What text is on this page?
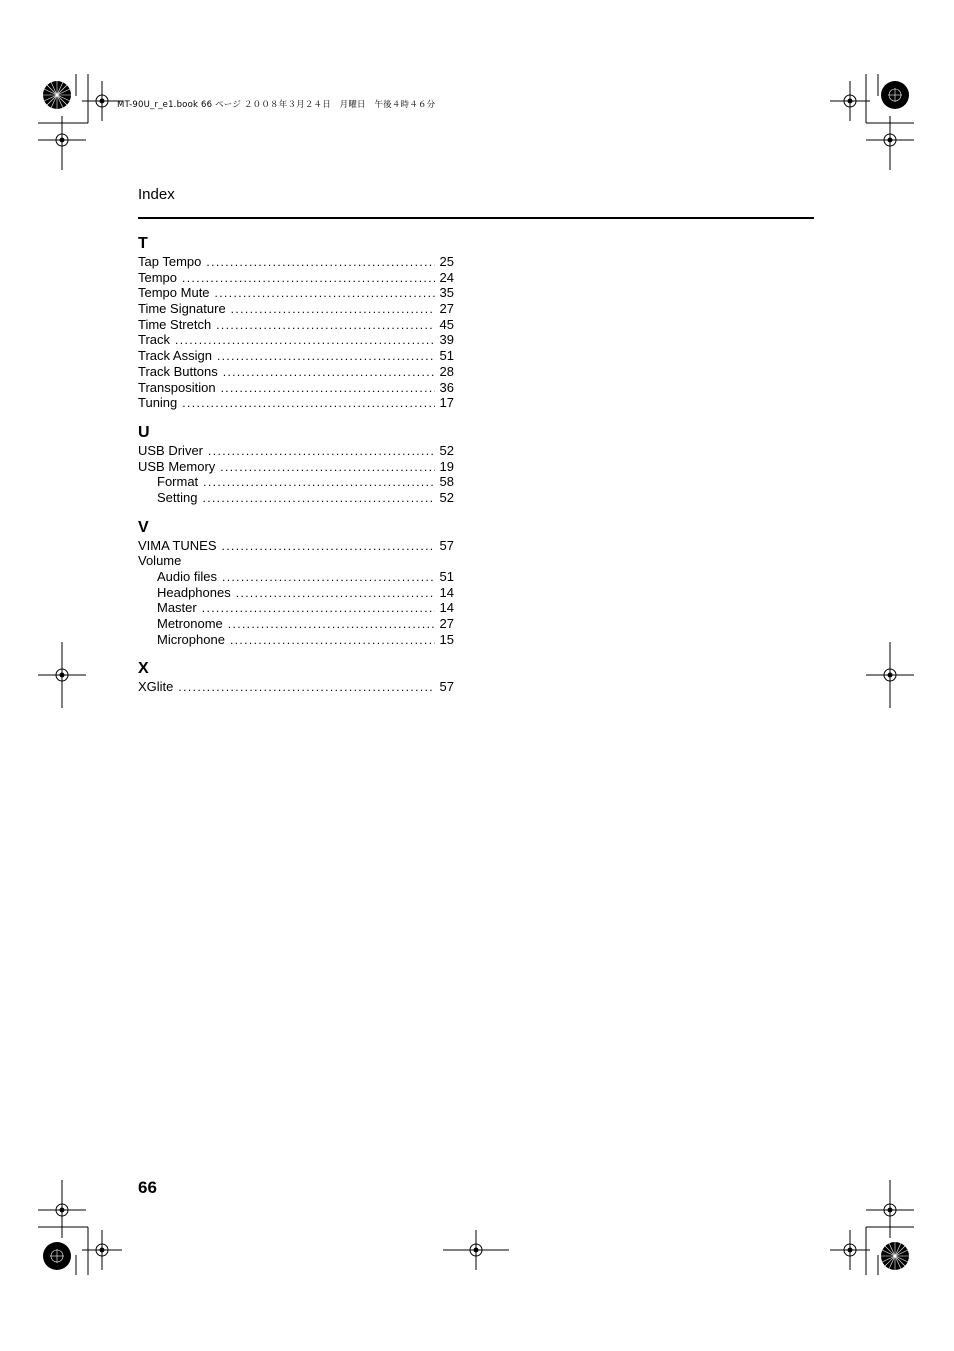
MT-90U_r_e1.book 66 ページ ２００８年３月２４日　月曜日　午後４時４６分
Index
T
Tap Tempo .....	25
Tempo .....	24
Tempo Mute .....	35
Time Signature .....	27
Time Stretch .....	45
Track .....	39
Track Assign .....	51
Track Buttons .....	28
Transposition .....	36
Tuning .....	17
U
USB Driver .....	52
USB Memory .....	19
Format .....	58
Setting .....	52
V
VIMA TUNES .....	57
Volume
Audio files .....	51
Headphones .....	14
Master .....	14
Metronome .....	27
Microphone .....	15
X
XGlite .....	57
66
